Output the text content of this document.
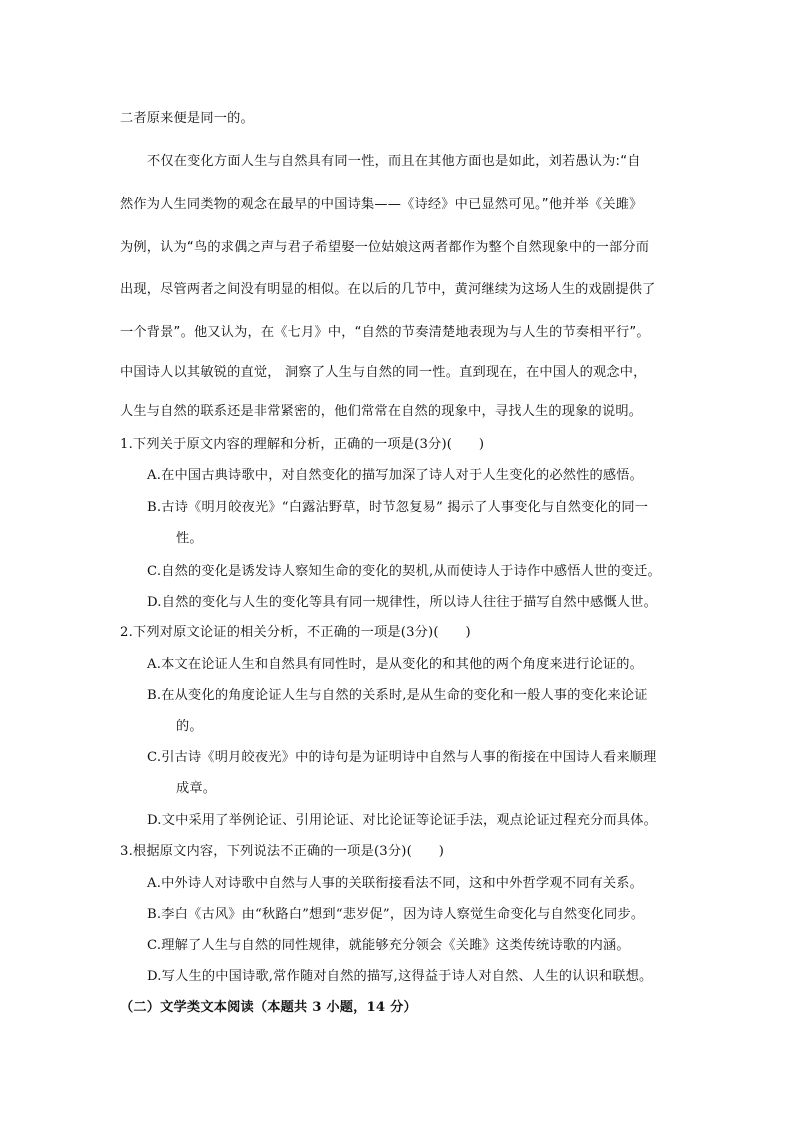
二者原来便是同一的。
不仅在变化方面人生与自然具有同一性，而且在其他方面也是如此，刘若愚认为:“自
然作为人生同类物的观念在最早的中国诗集——《诗经》中已显然可见。”他并举《关雎》
为例，认为“鸟的求偶之声与君子希望娶一位姑娘这两者都作为整个自然现象中的一部分而
出现，尽管两者之间没有明显的相似。在以后的几节中，黄河继续为这场人生的戏剧提供了
一个背景”。他又认为，在《七月》中，“自然的节奏清楚地表现为与人生的节奏相平行”。
中国诗人以其敏锐的直觉， 洞察了人生与自然的同一性。直到现在，在中国人的观念中，
人生与自然的联系还是非常紧密的，他们常常在自然的现象中，寻找人生的现象的说明。
1.下列关于原文内容的理解和分析，正确的一项是(3分)(　　)
A.在中国古典诗歌中，对自然变化的描写加深了诗人对于人生变化的必然性的感悟。
B.古诗《明月皎夜光》“白露沾野草，时节忽复易” 揭示了人事变化与自然变化的同一
性。
C.自然的变化是诱发诗人察知生命的变化的契机,从而使诗人于诗作中感悟人世的变迁。
D.自然的变化与人生的变化等具有同一规律性，所以诗人往往于描写自然中感慨人世。
2.下列对原文论证的相关分析，不正确的一项是(3分)(　　)
A.本文在论证人生和自然具有同性时，是从变化的和其他的两个角度来进行论证的。
B.在从变化的角度论证人生与自然的关系时,是从生命的变化和一般人事的变化来论证
的。
C.引古诗《明月皎夜光》中的诗句是为证明诗中自然与人事的衔接在中国诗人看来顺理
成章。
D.文中采用了举例论证、引用论证、对比论证等论证手法，观点论证过程充分而具体。
3.根据原文内容，下列说法不正确的一项是(3分)(　　)
A.中外诗人对诗歌中自然与人事的关联衔接看法不同，这和中外哲学观不同有关系。
B.李白《古风》由“秋路白”想到“悲岁促”，因为诗人察觉生命变化与自然变化同步。
C.理解了人生与自然的同性规律，就能够充分领会《关雎》这类传统诗歌的内涵。
D.写人生的中国诗歌,常作随对自然的描写,这得益于诗人对自然、人生的认识和联想。
（二）文学类文本阅读（本题共 3 小题，14 分）
